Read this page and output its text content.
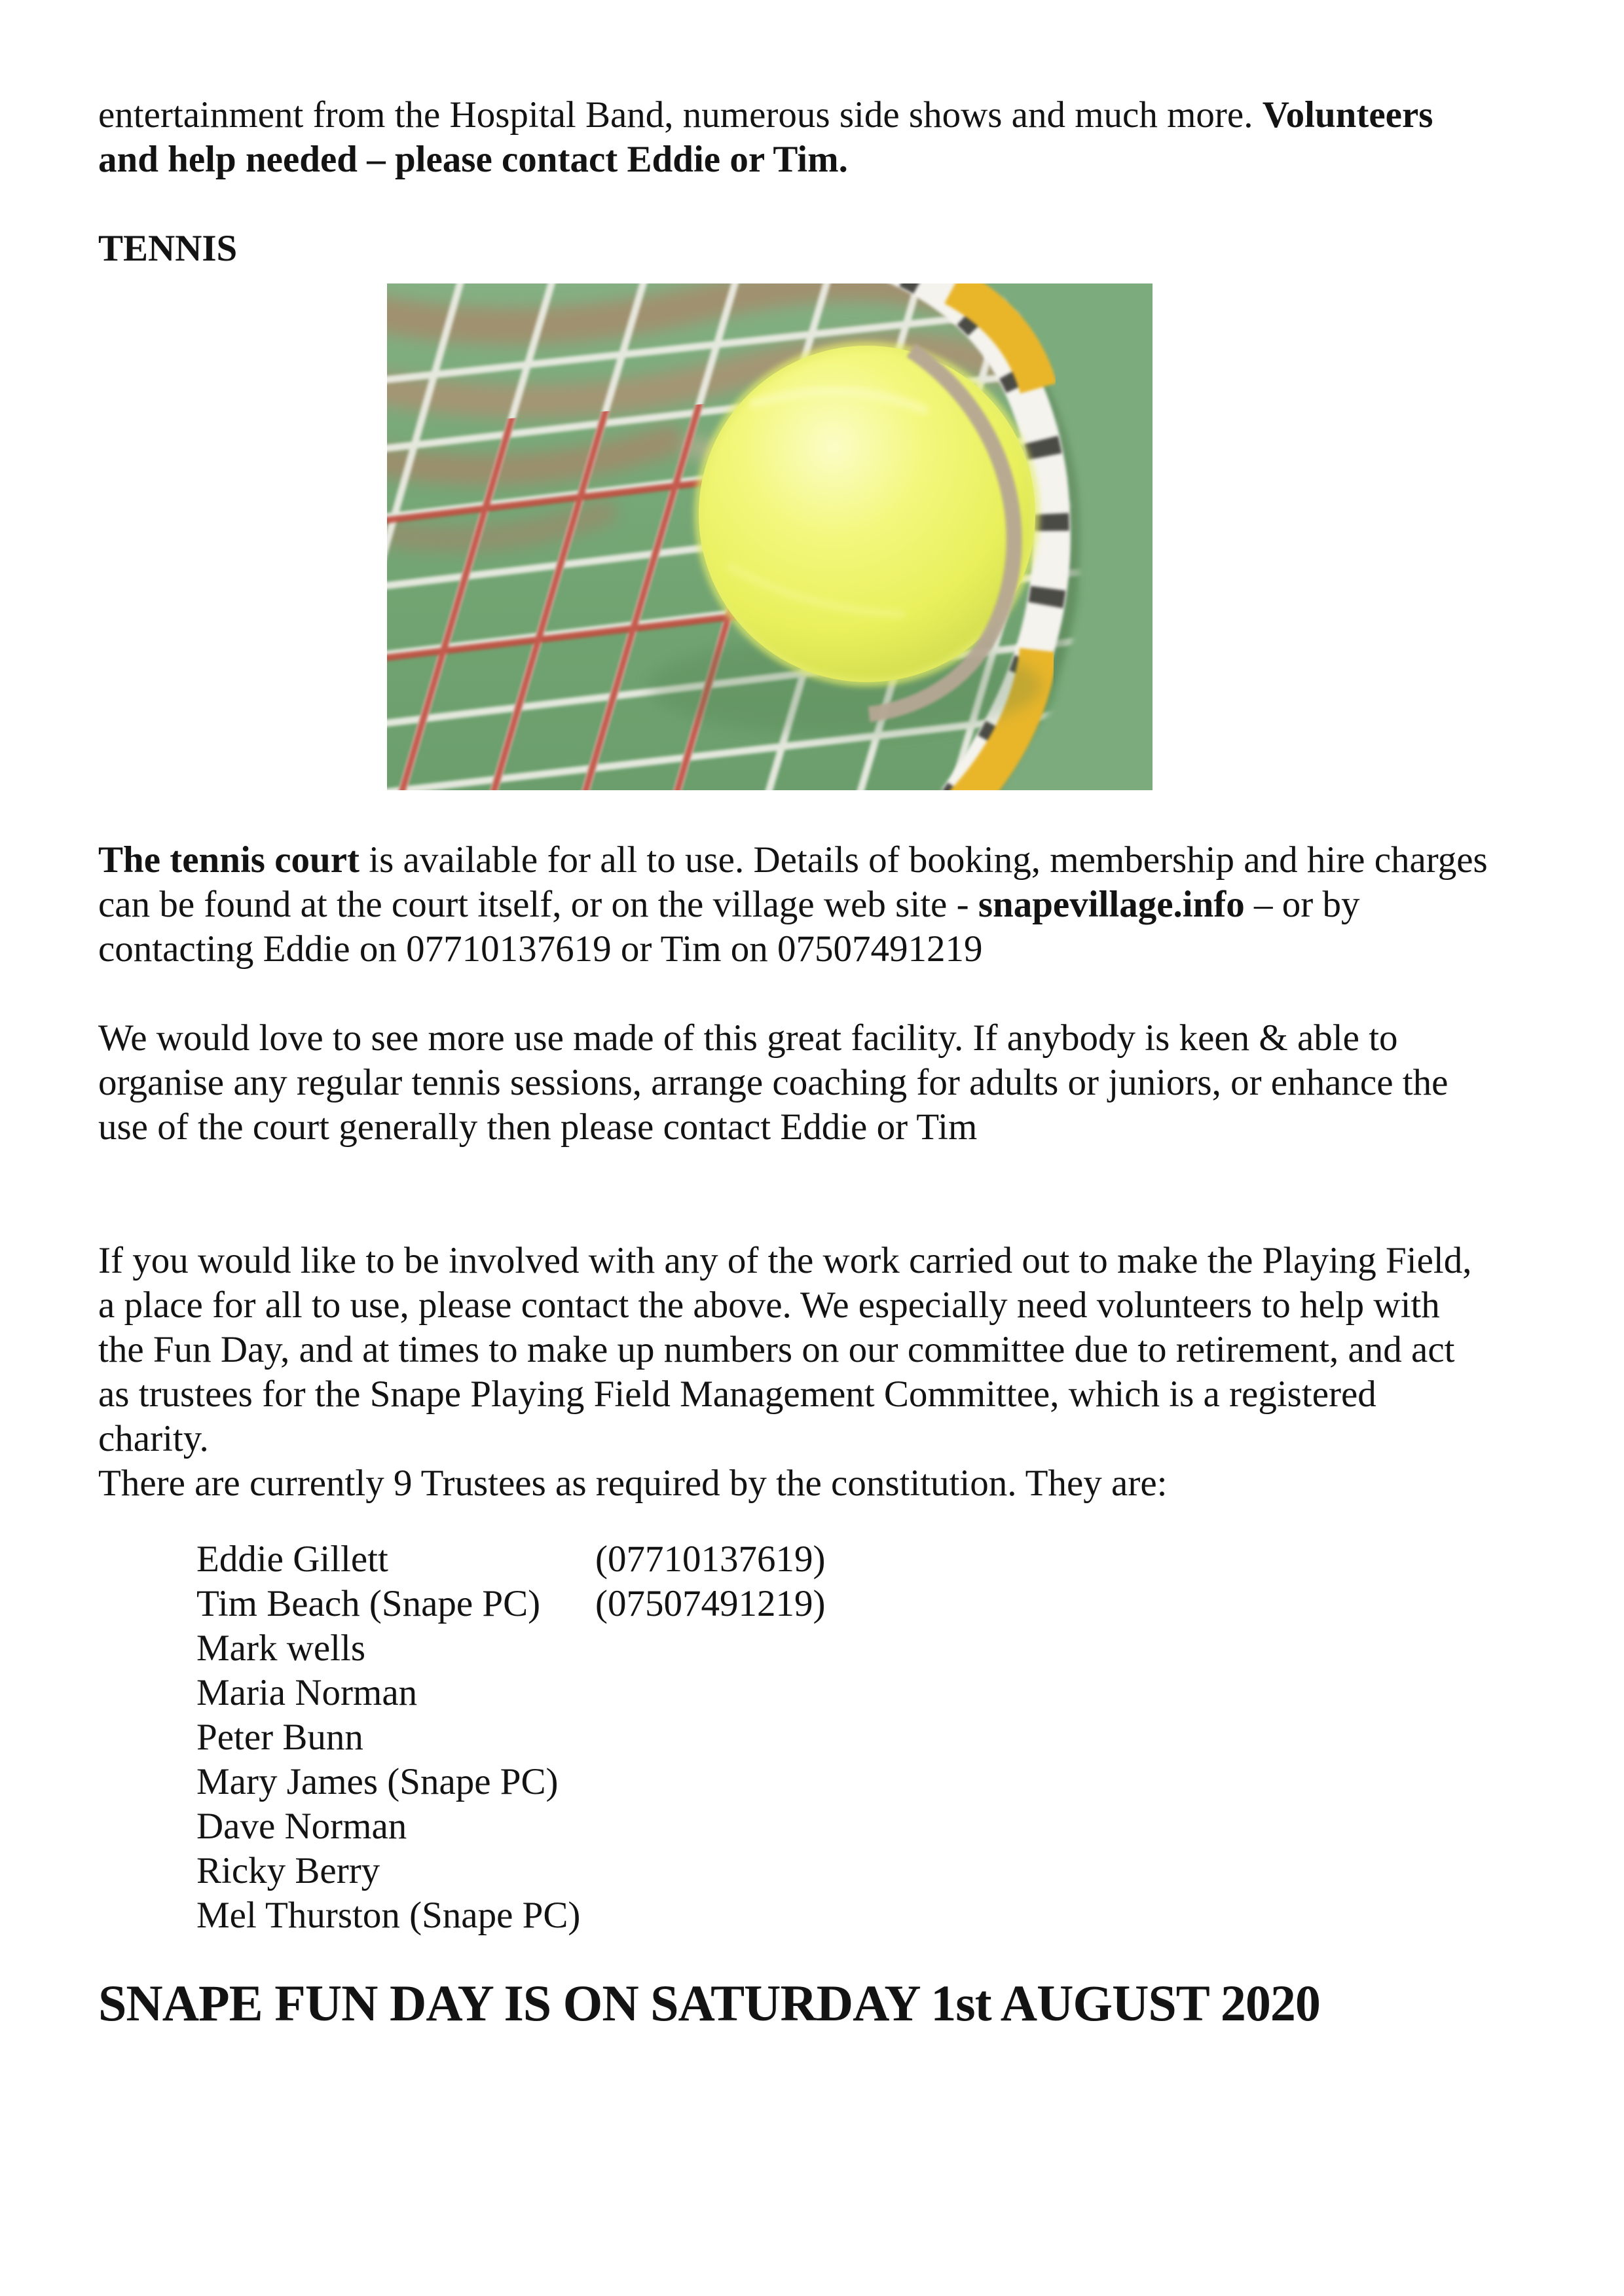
entertainment from the Hospital Band, numerous side shows and much more. Volunteers
and help needed – please contact Eddie or Tim.
TENNIS
The tennis court is available for all to use. Details of booking, membership and hire charges
can be found at the court itself, or on the village web site - snapevillage.info – or by
contacting Eddie on 07710137619 or Tim on 07507491219
We would love to see more use made of this great facility. If anybody is keen & able to
organise any regular tennis sessions, arrange coaching for adults or juniors, or enhance the
use of the court generally then please contact Eddie or Tim
If you would like to be involved with any of the work carried out to make the Playing Field,
a place for all to use, please contact the above. We especially need volunteers to help with
the Fun Day, and at times to make up numbers on our committee due to retirement, and act
as trustees for the Snape Playing Field Management Committee, which is a registered
charity.
There are currently 9 Trustees as required by the constitution. They are:
Eddie Gillett	(07710137619)
Tim Beach (Snape PC)	(07507491219)
Mark wells
Maria Norman
Peter Bunn
Mary James (Snape PC)
Dave Norman
Ricky Berry
Mel Thurston (Snape PC)
SNAPE FUN DAY IS ON SATURDAY 1st AUGUST 2020
